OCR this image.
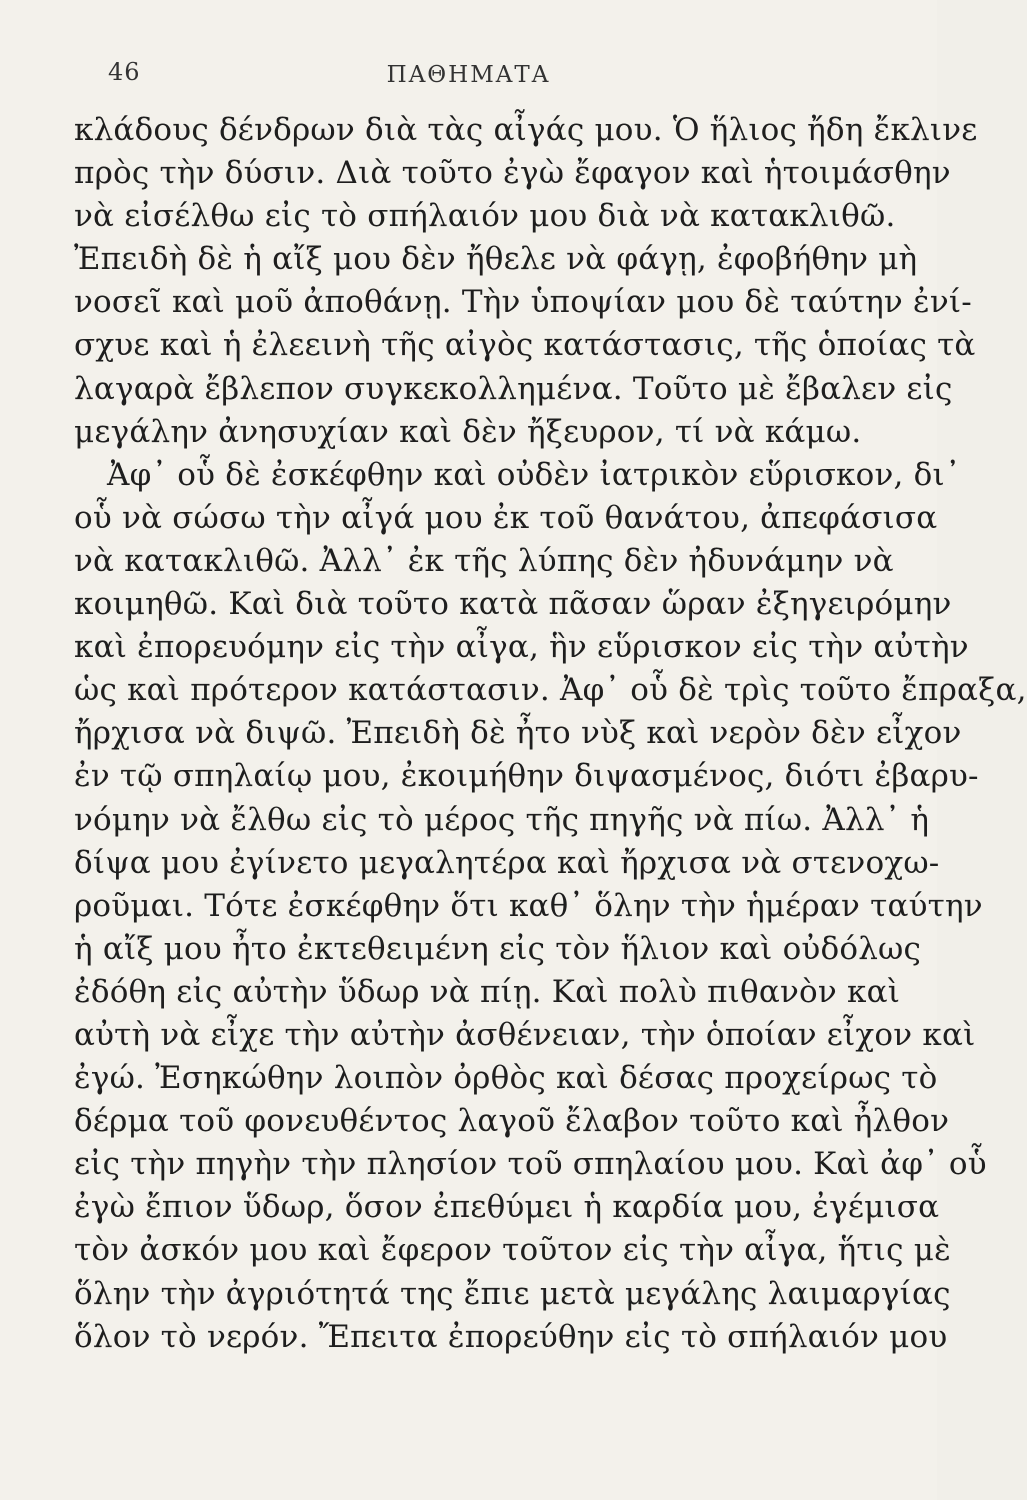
46	ΠΑΘΗΜΑΤΑ
κλάδους δένδρων διὰ τὰς αἶγάς μου. Ὁ ἥλιος ἤδη ἔκλινε
πρὸς τὴν δύσιν. Διὰ τοῦτο ἐγὼ ἔφαγον καὶ ἡτοιμάσθην
νὰ εἰσέλθω εἰς τὸ σπήλαιόν μου διὰ νὰ κατακλιθῶ.
Ἐπειδὴ δὲ ἡ αἴξ μου δὲν ἤθελε νὰ φάγῃ, ἐφοβήθην μὴ
νοσεῖ καὶ μοῦ ἀποθάνῃ. Τὴν ὑποψίαν μου δὲ ταύτην ἐνί-
σχυε καὶ ἡ ἐλεεινὴ τῆς αἰγὸς κατάστασις, τῆς ὁποίας τὰ
λαγαρὰ ἔβλεπον συγκεκολλημένα. Τοῦτο μὲ ἔβαλεν εἰς
μεγάλην ἀνησυχίαν καὶ δὲν ἤξευρον, τί νὰ κάμω.
Ἀφ᾽ οὗ δὲ ἐσκέφθην καὶ οὐδὲν ἰατρικὸν εὕρισκον, δι᾽
οὗ νὰ σώσω τὴν αἶγά μου ἐκ τοῦ θανάτου, ἀπεφάσισα
νὰ κατακλιθῶ. Ἀλλ᾽ ἐκ τῆς λύπης δὲν ἠδυνάμην νὰ
κοιμηθῶ. Καὶ διὰ τοῦτο κατὰ πᾶσαν ὥραν ἐξηγειρόμην
καὶ ἐπορευόμην εἰς τὴν αἶγα, ἣν εὕρισκον εἰς τὴν αὐτὴν
ὡς καὶ πρότερον κατάστασιν. Ἀφ᾽ οὗ δὲ τρὶς τοῦτο ἔπραξα,
ἤρχισα νὰ διψῶ. Ἐπειδὴ δὲ ἦτο νὺξ καὶ νερὸν δὲν εἶχον
ἐν τῷ σπηλαίῳ μου, ἐκοιμήθην διψασμένος, διότι ἐβαρυ-
νόμην νὰ ἔλθω εἰς τὸ μέρος τῆς πηγῆς νὰ πίω. Ἀλλ᾽ ἡ
δίψα μου ἐγίνετο μεγαλητέρα καὶ ἤρχισα νὰ στενοχω-
ροῦμαι. Τότε ἐσκέφθην ὅτι καθ᾽ ὅλην τὴν ἡμέραν ταύτην
ἡ αἴξ μου ἦτο ἐκτεθειμένη εἰς τὸν ἥλιον καὶ οὐδόλως
ἐδόθη εἰς αὐτὴν ὕδωρ νὰ πίῃ. Καὶ πολὺ πιθανὸν καὶ
αὐτὴ νὰ εἶχε τὴν αὐτὴν ἀσθένειαν, τὴν ὁποίαν εἶχον καὶ
ἐγώ. Ἐσηκώθην λοιπὸν ὀρθὸς καὶ δέσας προχείρως τὸ
δέρμα τοῦ φονευθέντος λαγοῦ ἔλαβον τοῦτο καὶ ἦλθον
εἰς τὴν πηγὴν τὴν πλησίον τοῦ σπηλαίου μου. Καὶ ἀφ᾽ οὗ
ἐγὼ ἔπιον ὕδωρ, ὅσον ἐπεθύμει ἡ καρδία μου, ἐγέμισα
τὸν ἀσκόν μου καὶ ἔφερον τοῦτον εἰς τὴν αἶγα, ἥτις μὲ
ὅλην τὴν ἀγριότητά της ἔπιε μετὰ μεγάλης λαιμαργίας
ὅλον τὸ νερόν. Ἔπειτα ἐπορεύθην εἰς τὸ σπήλαιόν μου
